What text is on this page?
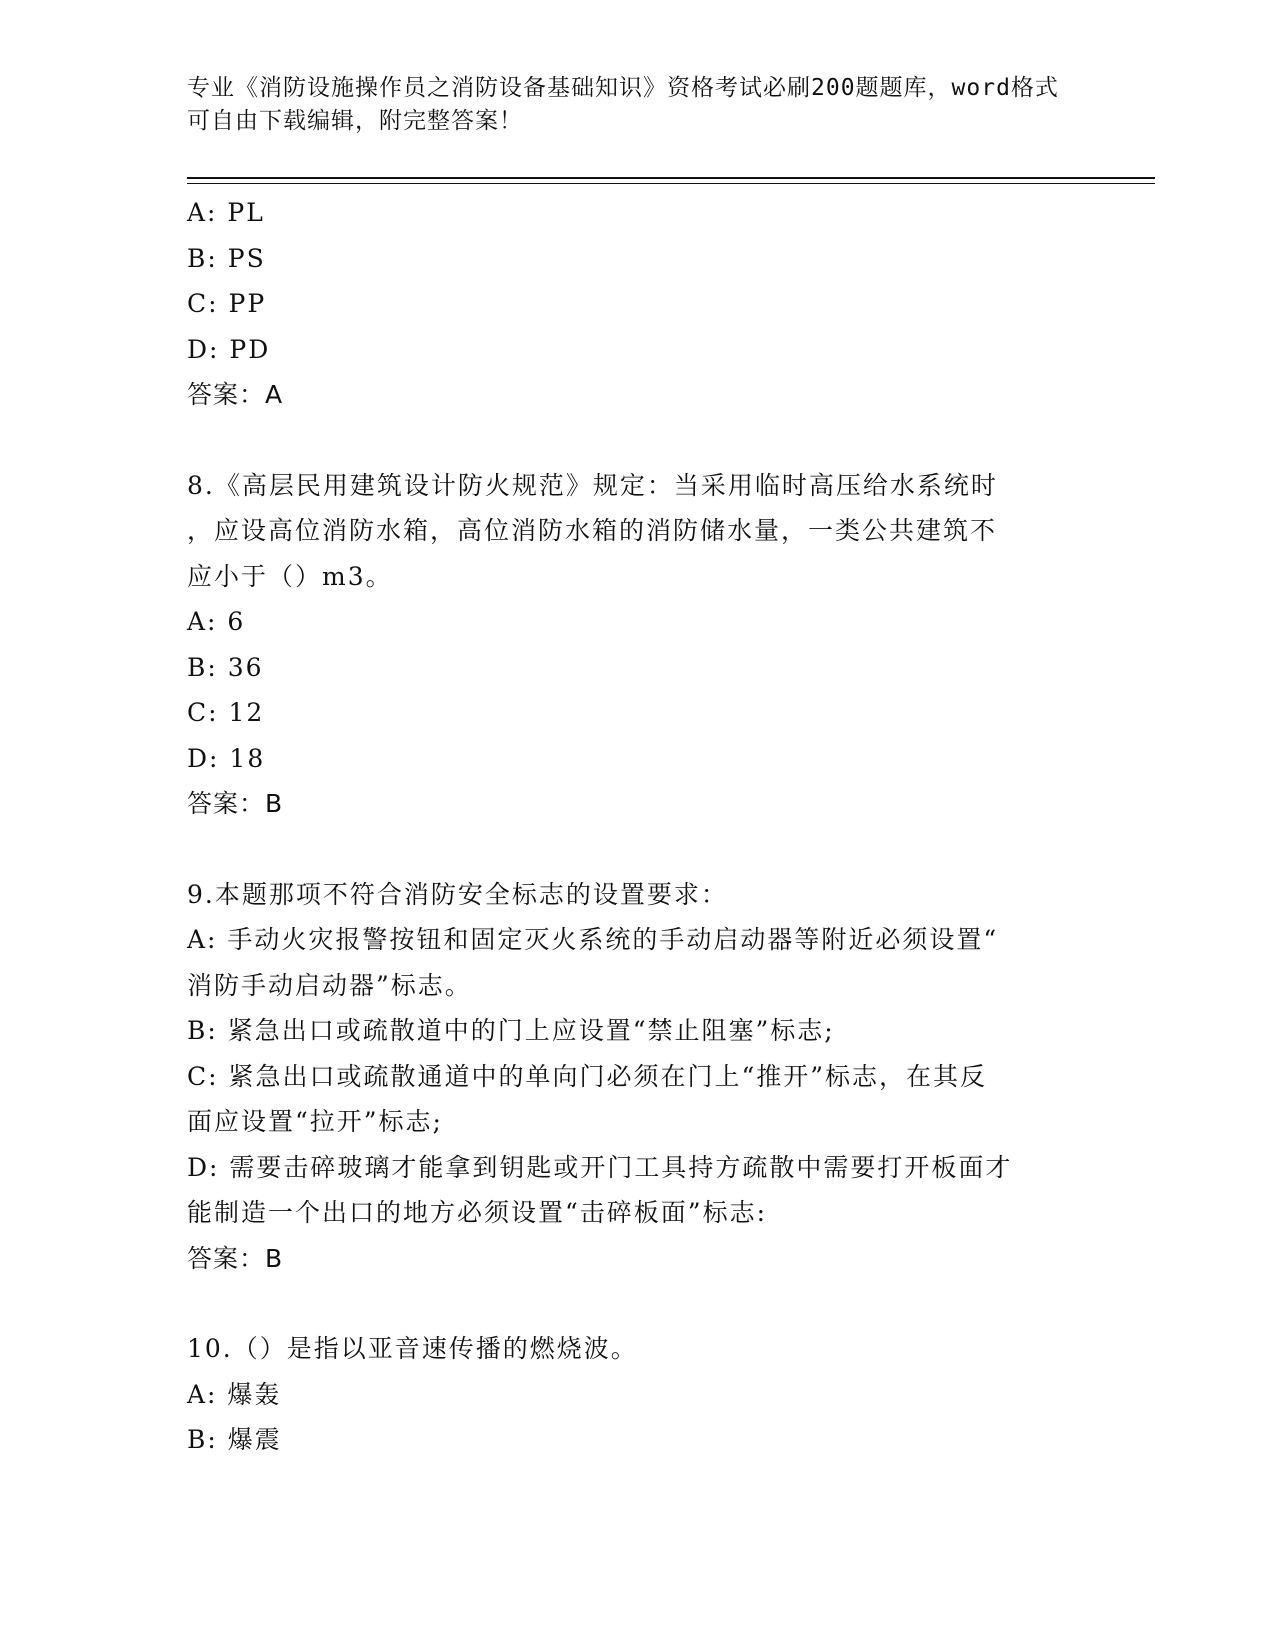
专业《消防设施操作员之消防设备基础知识》资格考试必刷200题题库，word格式可自由下载编辑，附完整答案！
A: PL
B: PS
C: PP
D: PD
答案：A
8.《高层民用建筑设计防火规范》规定：当采用临时高压给水系统时
，应设高位消防水箱，高位消防水箱的消防储水量，一类公共建筑不
应小于（）m3。
A: 6
B: 36
C: 12
D: 18
答案：B
9.本题那项不符合消防安全标志的设置要求：
A: 手动火灾报警按钮和固定灭火系统的手动启动器等附近必须设置“
消防手动启动器”标志。
B: 紧急出口或疏散道中的门上应设置“禁止阻塞”标志;
C: 紧急出口或疏散通道中的单向门必须在门上“推开”标志，在其反
面应设置“拉开”标志;
D: 需要击碎玻璃才能拿到钥匙或开门工具持方疏散中需要打开板面才
能制造一个出口的地方必须设置“击碎板面”标志:
答案：B
10.（）是指以亚音速传播的燃烧波。
A: 爆轰
B: 爆震
